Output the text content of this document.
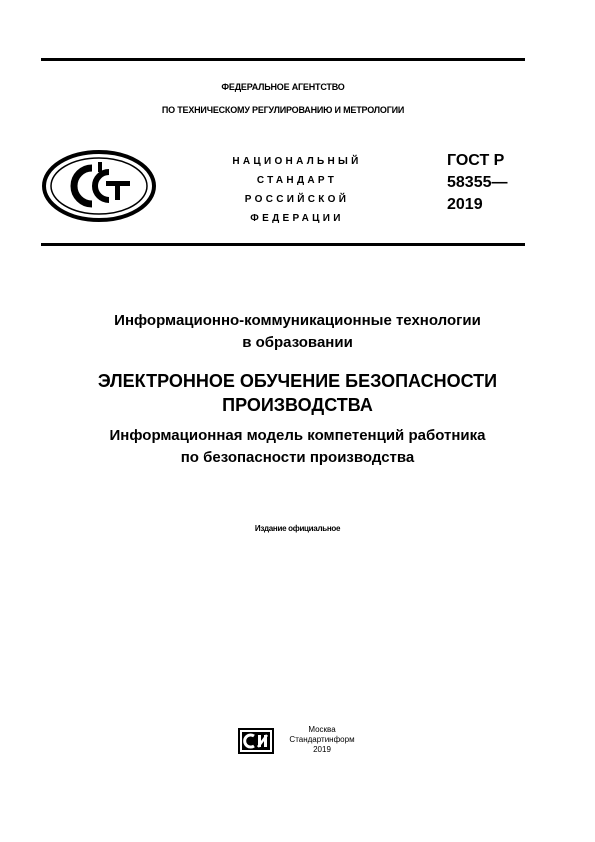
ФЕДЕРАЛЬНОЕ АГЕНТСТВО
ПО ТЕХНИЧЕСКОМУ РЕГУЛИРОВАНИЮ И МЕТРОЛОГИИ
НАЦИОНАЛЬНЫЙ
СТАНДАРТ
РОССИЙСКОЙ
ФЕДЕРАЦИИ
ГОСТ Р
58355—
2019
Информационно-коммуникационные технологии
в образовании
ЭЛЕКТРОННОЕ ОБУЧЕНИЕ БЕЗОПАСНОСТИ
ПРОИЗВОДСТВА
Информационная модель компетенций работника
по безопасности производства
Издание официальное
Москва
Стандартинформ
2019
